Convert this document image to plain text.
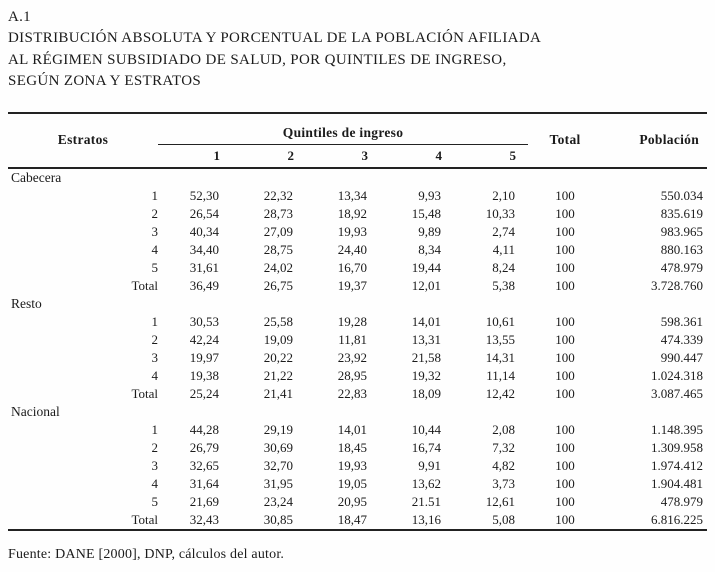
A.1
DISTRIBUCIÓN ABSOLUTA Y PORCENTUAL DE LA POBLACIÓN AFILIADA
AL RÉGIMEN SUBSIDIADO DE SALUD, POR QUINTILES DE INGRESO,
SEGÚN ZONA Y ESTRATOS
Estratos	Quintiles de ingreso					Total	Población
	1	2	3	4	5		
Cabecera							
1	52,30	22,32	13,34	9,93	2,10	100	550.034
2	26,54	28,73	18,92	15,48	10,33	100	835.619
3	40,34	27,09	19,93	9,89	2,74	100	983.965
4	34,40	28,75	24,40	8,34	4,11	100	880.163
5	31,61	24,02	16,70	19,44	8,24	100	478.979
Total	36,49	26,75	19,37	12,01	5,38	100	3.728.760
Resto							
1	30,53	25,58	19,28	14,01	10,61	100	598.361
2	42,24	19,09	11,81	13,31	13,55	100	474.339
3	19,97	20,22	23,92	21,58	14,31	100	990.447
4	19,38	21,22	28,95	19,32	11,14	100	1.024.318
Total	25,24	21,41	22,83	18,09	12,42	100	3.087.465
Nacional							
1	44,28	29,19	14,01	10,44	2,08	100	1.148.395
2	26,79	30,69	18,45	16,74	7,32	100	1.309.958
3	32,65	32,70	19,93	9,91	4,82	100	1.974.412
4	31,64	31,95	19,05	13,62	3,73	100	1.904.481
5	21,69	23,24	20,95	21.51	12,61	100	478.979
Total	32,43	30,85	18,47	13,16	5,08	100	6.816.225
Fuente: DANE [2000], DNP, cálculos del autor.
